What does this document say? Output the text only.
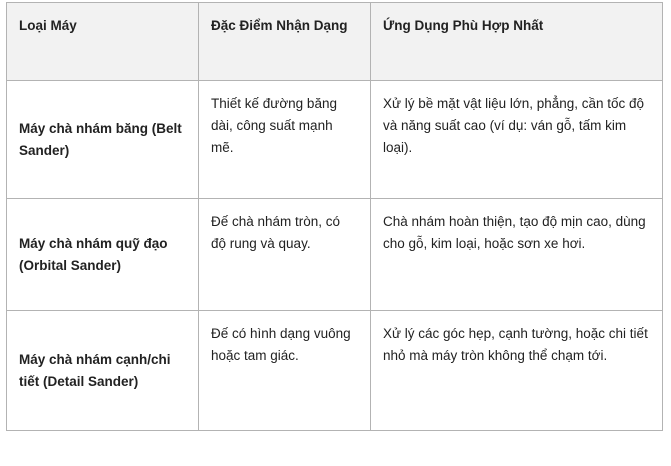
Loại Máy	Đặc Điểm Nhận Dạng	Ứng Dụng Phù Hợp Nhất
Máy chà nhám băng (Belt Sander)	Thiết kế đường băng dài, công suất mạnh mẽ.	Xử lý bề mặt vật liệu lớn, phẳng, cần tốc độ và năng suất cao (ví dụ: ván gỗ, tấm kim loại).
Máy chà nhám quỹ đạo (Orbital Sander)	Đế chà nhám tròn, có độ rung và quay.	Chà nhám hoàn thiện, tạo độ mịn cao, dùng cho gỗ, kim loại, hoặc sơn xe hơi.
Máy chà nhám cạnh/chi tiết (Detail Sander)	Đế có hình dạng vuông hoặc tam giác.	Xử lý các góc hẹp, cạnh tường, hoặc chi tiết nhỏ mà máy tròn không thể chạm tới.
